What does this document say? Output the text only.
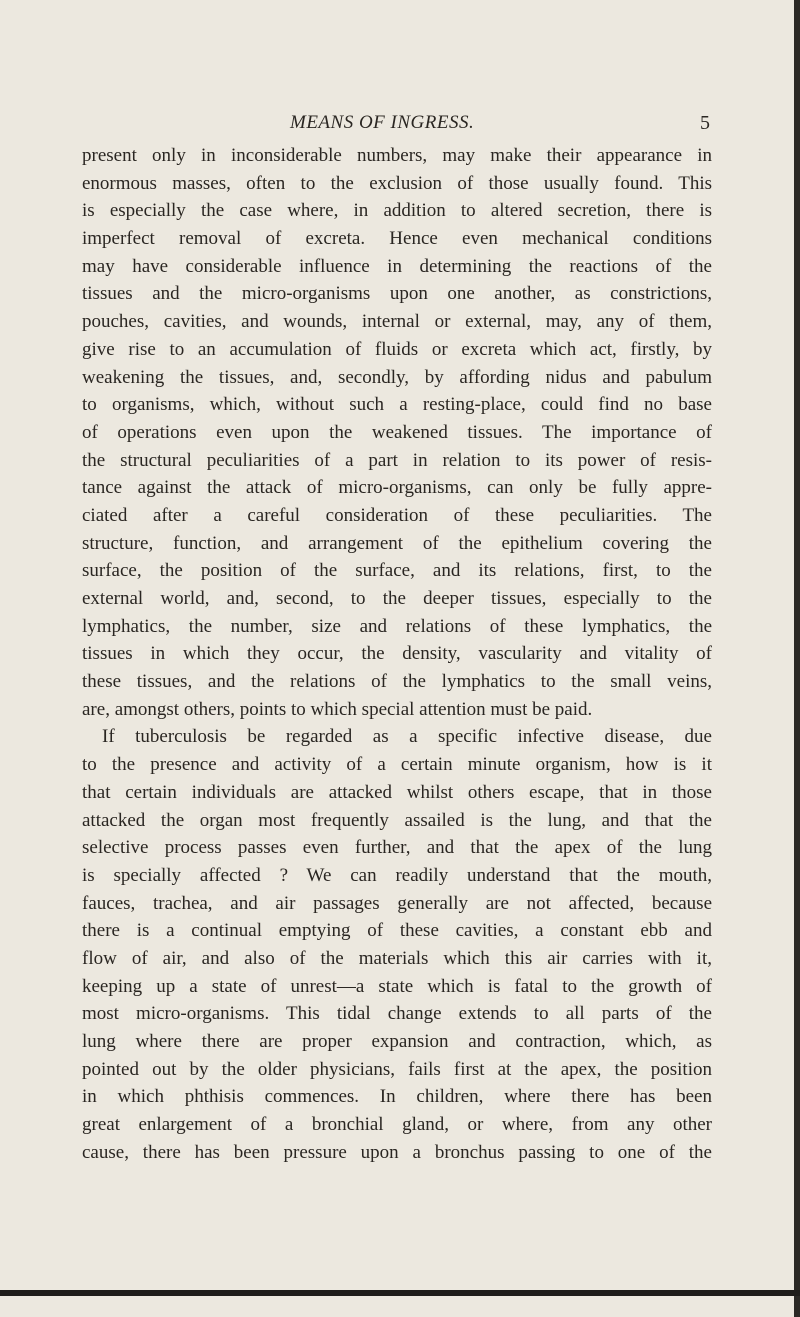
MEANS OF INGRESS.	5
present only in inconsiderable numbers, may make their appearance in
enormous masses, often to the exclusion of those usually found. This
is especially the case where, in addition to altered secretion, there is
imperfect removal of excreta. Hence even mechanical conditions
may have considerable influence in determining the reactions of the
tissues and the micro-organisms upon one another, as constrictions,
pouches, cavities, and wounds, internal or external, may, any of them,
give rise to an accumulation of fluids or excreta which act, firstly, by
weakening the tissues, and, secondly, by affording nidus and pabulum
to organisms, which, without such a resting-place, could find no base
of operations even upon the weakened tissues. The importance of
the structural peculiarities of a part in relation to its power of resis-
tance against the attack of micro-organisms, can only be fully appre-
ciated after a careful consideration of these peculiarities. The
structure, function, and arrangement of the epithelium covering the
surface, the position of the surface, and its relations, first, to the
external world, and, second, to the deeper tissues, especially to the
lymphatics, the number, size and relations of these lymphatics, the
tissues in which they occur, the density, vascularity and vitality of
these tissues, and the relations of the lymphatics to the small veins,
are, amongst others, points to which special attention must be paid.
If tuberculosis be regarded as a specific infective disease, due
to the presence and activity of a certain minute organism, how is it
that certain individuals are attacked whilst others escape, that in those
attacked the organ most frequently assailed is the lung, and that the
selective process passes even further, and that the apex of the lung
is specially affected ? We can readily understand that the mouth,
fauces, trachea, and air passages generally are not affected, because
there is a continual emptying of these cavities, a constant ebb and
flow of air, and also of the materials which this air carries with it,
keeping up a state of unrest—a state which is fatal to the growth of
most micro-organisms. This tidal change extends to all parts of the
lung where there are proper expansion and contraction, which, as
pointed out by the older physicians, fails first at the apex, the position
in which phthisis commences. In children, where there has been
great enlargement of a bronchial gland, or where, from any other
cause, there has been pressure upon a bronchus passing to one of the
